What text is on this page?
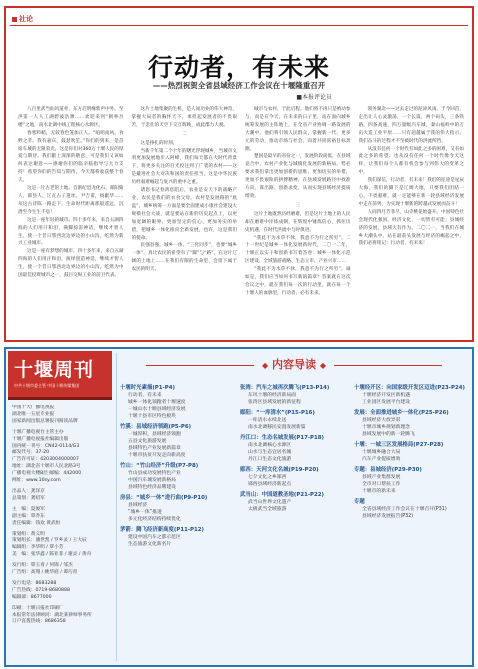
社论
行动者，有未来
——热烈祝贺全省县域经济工作会议在十堰隆重召开
■本报评论员

八百里武当仙风道骨，东方启明缘紫声中外。至洪第一人人工湖碧波浩渺……欢迎来到“朝拳吾楼”之地，南水北调中线工程核心水源区。

春寒料峭，无较春色笼加正人。“咱咱南风，食野之苹。我有嘉宾，鼓瑟吹笙。”你们的到来，是首席车城的无限荣光，这是你们对360万十堰人民的厚爱与期待。我们献上深深的敬意，可是我们又该如何表达谢意——感谢你们的临亲临指导与大力支持！希望你们的告知与期待，今天都将收获整个春天。

这是一片古老的土地。自渐纪恐龙化石、郧阳猿人，郧县人、辽瓦古子遗址、尹吉甫，杨献华……从这古诗陈一路走下，生命时代距离那般遥远，沉潜至今生生不息！

这是一座年轻的城市。四十多年来，来自五湖四海的人们用汗和泪，满脚惊雷神话，继续才智人生，使一个昔日鄂西北边界边的小山沟，屹然为新兴工业城市。

这是一座有梦想的城市。四十多年来，来自五湖四海的人们用汗和泪，演绎创造神话，继续才智人生，使一个昔日鄂西北边界边的小山沟，屹然为中国最佳投资城市之一，鼓目交纵工业的前卫代表。

这片土地集聚的生机，是人间功业的伟大神奇，掌握大局者的胸怀天下，承担起发展者的不畏艰苦，于悲壮的天空下交互辉映，成此郡力大观。

二

这是挣扎的时刻。

当新千年第二个十年的曙光浮现城乡，当城市文明更加发展地步入阿峰，我们每天都在大时代背景下，将更多关注的目光投注到了广袤的农村——这是撬进社会大对决和国的责任担当，这是中华民族历经艰难崛起与复兴的重中之重。

诸恩书记春鸿息阻后，农业是安天下的战略产业，农民是我们的衣食父母。农村是发展路的“底盘”，城乡统筹一方面是要全面建成小康社会建设大规模社会大战，就是要站在新的历史起点上，以更加宽阔的眼界、更加坚定的信心、更加务实的举措，把城乡一体化推向全新发展，也许，这是我们的使命。

民强县强，城乡一体。“三化同步”，也要“城乡一体”，真让农民的希望有了“脚”与“路”，在这片辽阔的土地上……在我们有限的生命里，会留下属于农民的明天。

城市与农村，于此启程。他们将不再只是被动参与，而是在今天，在未来的日子里，站在面向城乡统筹发展的主阵地上，在全省产业协调一路发展的大潮中，他们将引领人民群众，掌握新一代、更多元的劳动，推动市场与社会，向着共同富裕目标奔跑。

楚国是最早的省份之一，发展阶段尚低，在县域竞合中，农村产业化与城镇化发展的新格局，势必要求我们拿出更加创新的思维、更加切实的举措，更加不畏艰险的拼搏精神，在县域发展路径中找准方向，谋出路、创新求变，从而实现县域经济提质增效。

三

这片土地既然历经磨难，但是这片土地上的人民却在磨难中淬炼成钢，在辉煌中锤炼信心，抓住历史机遇，在时代洪流中与时俱进。

“我此不为水草不休，我意不为行之所穷”。二十一世纪是城乡一体化发展新时代，二〇一二年，十堰正以实干和创新书写着答卷：城乡一体化示范区建设、全域旅游战略、生态立市、产业兴市……

“我此不为水草不休，我意不为行之所穷”。诚如是，我们应当如何书写新的篇章？答案就在这次会议之中，就在我们每一次的行动里，就在每一个十堰人的血脉里，行动者，必有未来。

领务湖北——过去走过的泥淖风雨，于今回首，走出让人心灵激荡，一个长篇，两个码头，三条铁路，四条高速，四万量级汽车城，秦山福岭中的万亩大造工业平原……只有超越属于我的伟大指示，我们奋斗的过程才不至被时代的洪流所挡。

从没有任何一个时代有如此之多的困难，又有如此之多的希望；也从没有任何一个时代像今天这样，让我们每个人都有机会参与到伟大的变革之中。

我们深信，行动者，有未来！我们的征途是星辰大海，我们的脚下是辽阔大地，只要我们团结一心、不畏艰难，就一定能够在新一轮县域经济发展中走在前列，为实现十堰新的跨越式发展而奋斗！

人间四月芳菲尽，山寺桃花始盛开。中国特色社会现代化强国，经济文化，一切皆有可能；县城经济的发展，县域大有作为。二〇二一，当我们在城乡大潮头中，站在最前头发展与经济的崛起之中，我们必将铭记：行动者，有未来！

十堰周刊
中共十堰市委主管 中国十堰传媒集团
中国十大广播电视报
湖北唯一五星专业报
国家新闻出版总署报刊阅读品牌
十堰广播电视台主管主办
十堰广播电视报社编辑出版
国内统一刊号：CN42-0114/G3
邮发代号：37-20
广告许可证：4203004000007
地址：湖北省十堰市人民北路3号
广播电视大楼8层 邮编：442000
网址：www.10sy.com
出品人：龚泽京
总策划：龚绍军
主　编：夏俊军
副主编：覃乔东
责任编辑：钱欢 黄武恒
策划组：黄义明
策划组长：潘世凯 / 罗乡灵 / 王大辰
编辑组：李华明 / 覃小芳
美　编：张华鑫 / 陈亚菲 / 谢灵 / 黄舟
发行组：覃玉青 / 何锦 / 邹杰
广告组：高翔 / 姚华庭 / 谭巧青
发行电话：8683288
广告热线：0719-8680888
编辑部：8677000
印刷：十堰日报社印刷厂
本报常年法律顾问：湖北某律师事务所
订户直拨热线：8686358
◆ 内容导读 ◆
十堰时光素描(P1-P4)
行动者，有未来
城乡一体化领跑者十堰速度
一城山水十堰县域经济发展
十堰十县市区特色板块
竹溪：县域经济领跑(P5-P6)
一城厚积，县域经济领跑
五县文化旅游发展
县域特色产业发展新篇章
十堰市扶贫开发走向新高度
竹山：“竹山经济”升级(P7-P8)
竹山县成功发展特色产业
中国汽车城发展新格局
县域特色经济品牌建设
房县：“城乡一体”进行曲(P9-P10)
县域经济
“城乡一体”推进
多元化经济结构持续优化
茅箭：腾飞经济新高度(P11-P12)
建设中国汽车之都示范区
生态旅游文化新名片
张湾：汽车之城再次腾飞(P13-P14)
东风十堰的经济新局面
张湾区县域发展的新征程
郧阳：“一库清水”(P15-P16)
一库清水永续北送
南水北调移民安置发展新篇
丹江口：生态名城发展(P17-P18)
南水北调核心水源区
山水与生态宜居名城
丹江口生态文化旅游
郧西：天河文化名城(P19-P20)
七夕文化之乡郧西
郧西县域经济新起点
武当山：中国道教圣地(P21-P22)
武当山世界文化遗产
太极武当全域旅游
十堰经开区：向国家级开发区迈进(P23-P24)
十堰经济开发区新机遇
工业园区发展平台建设
发展：全面推进城乡一体化(P25-P26)
县域经济大放异彩
十堰市城乡规划新理念
县域发展中的新一轮腾飞
十堰：一城三区发展格局(P27-P28)
十堰城乡融合大局
汽车产业提质增效
专题：县城经济(P29-P30)
县域产业集群发展
全市对口帮扶工作
十堰市的新未来
专题
全省县域经济工作会议在十堰召开(P31)
县域经济发展报告(P32)
